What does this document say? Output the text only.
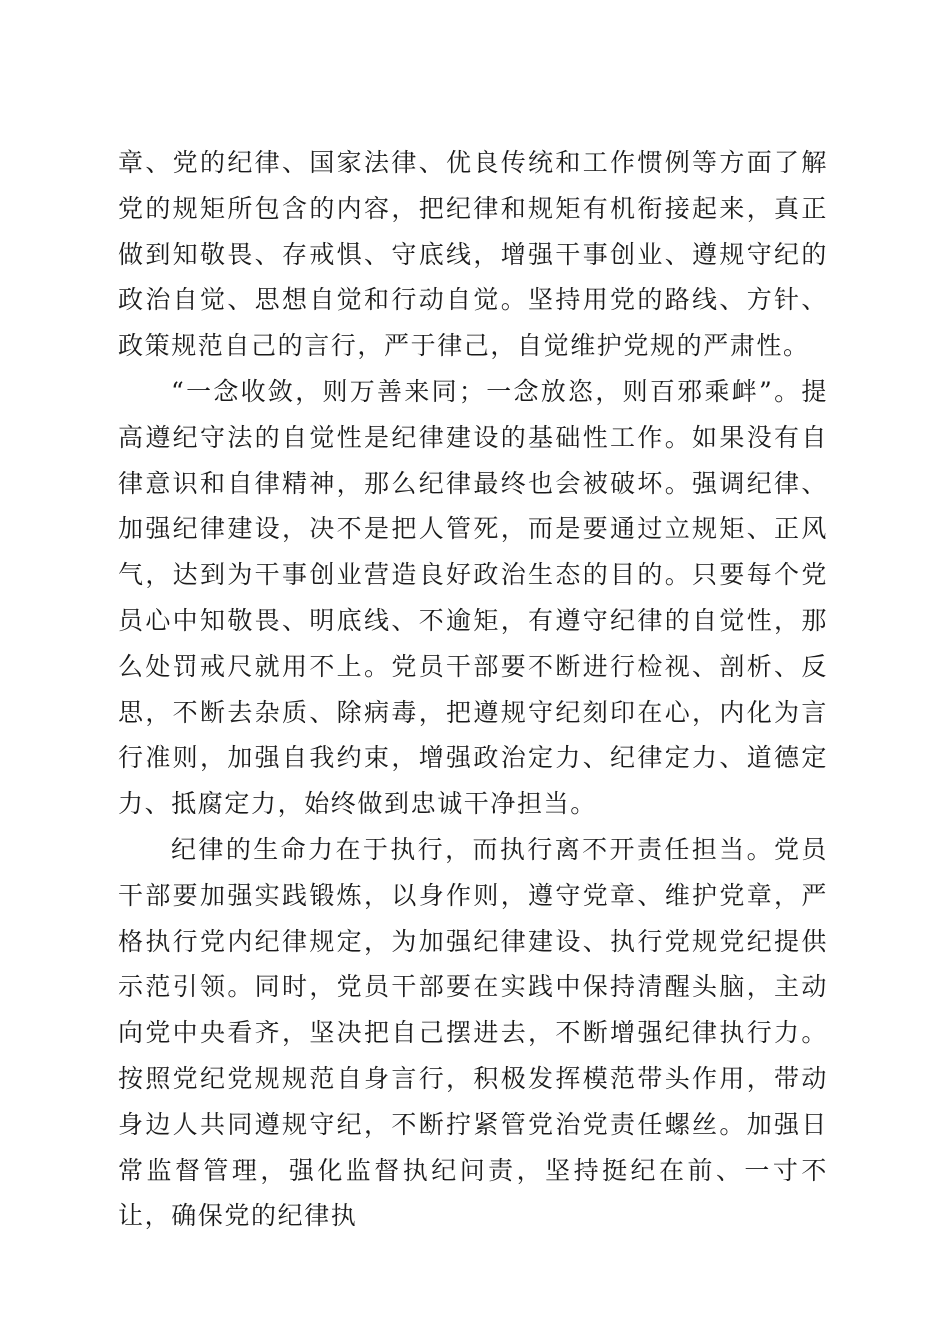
章、党的纪律、国家法律、优良传统和工作惯例等方面了解党的规矩所包含的内容，把纪律和规矩有机衔接起来，真正做到知敬畏、存戒惧、守底线，增强干事创业、遵规守纪的政治自觉、思想自觉和行动自觉。坚持用党的路线、方针、政策规范自己的言行，严于律己，自觉维护党规的严肃性。

“一念收敛，则万善来同；一念放恣，则百邪乘衅”。提高遵纪守法的自觉性是纪律建设的基础性工作。如果没有自律意识和自律精神，那么纪律最终也会被破坏。强调纪律、加强纪律建设，决不是把人管死，而是要通过立规矩、正风气，达到为干事创业营造良好政治生态的目的。只要每个党员心中知敬畏、明底线、不逾矩，有遵守纪律的自觉性，那么处罚戒尺就用不上。党员干部要不断进行检视、剖析、反思，不断去杂质、除病毒，把遵规守纪刻印在心，内化为言行准则，加强自我约束，增强政治定力、纪律定力、道德定力、抵腐定力，始终做到忠诚干净担当。

纪律的生命力在于执行，而执行离不开责任担当。党员干部要加强实践锻炼，以身作则，遵守党章、维护党章，严格执行党内纪律规定，为加强纪律建设、执行党规党纪提供示范引领。同时，党员干部要在实践中保持清醒头脑，主动向党中央看齐，坚决把自己摆进去，不断增强纪律执行力。按照党纪党规规范自身言行，积极发挥模范带头作用，带动身边人共同遵规守纪，不断拧紧管党治党责任螺丝。加强日常监督管理，强化监督执纪问责，坚持挺纪在前、一寸不让，确保党的纪律执
